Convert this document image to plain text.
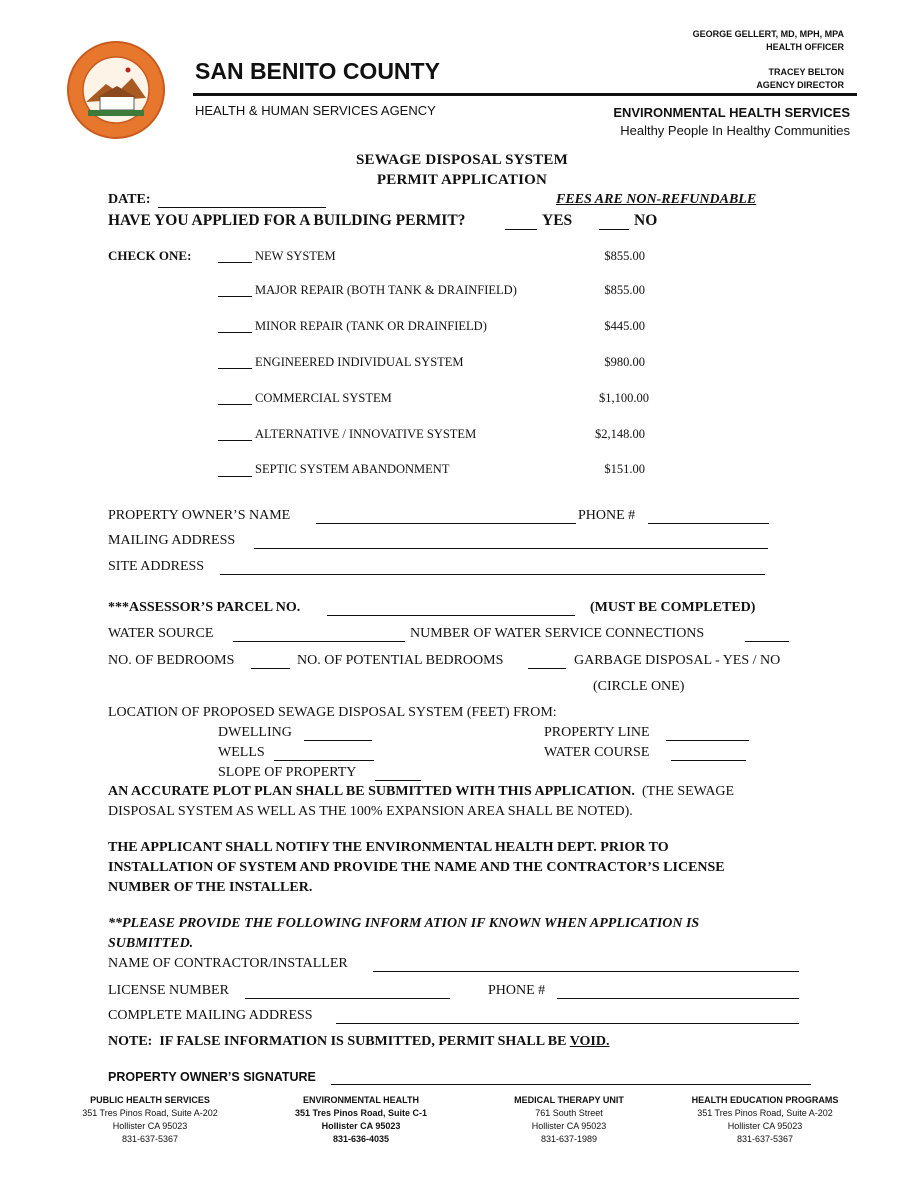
GEORGE GELLERT, MD, MPH, MPA
HEALTH OFFICER
TRACEY BELTON
AGENCY DIRECTOR
SAN BENITO COUNTY
HEALTH & HUMAN SERVICES AGENCY	ENVIRONMENTAL HEALTH SERVICES
Healthy People In Healthy Communities
SEWAGE DISPOSAL SYSTEM
PERMIT APPLICATION
DATE:	FEES ARE NON-REFUNDABLE
HAVE YOU APPLIED FOR A BUILDING PERMIT?	YES	NO
CHECK ONE:	NEW SYSTEM	$855.00
MAJOR REPAIR (BOTH TANK & DRAINFIELD)	$855.00
MINOR REPAIR (TANK OR DRAINFIELD)	$445.00
ENGINEERED INDIVIDUAL SYSTEM	$980.00
COMMERCIAL SYSTEM	$1,100.00
ALTERNATIVE / INNOVATIVE SYSTEM	$2,148.00
SEPTIC SYSTEM ABANDONMENT	$151.00
PROPERTY OWNER’S NAME	PHONE #
MAILING ADDRESS
SITE ADDRESS
***ASSESSOR’S PARCEL NO.	(MUST BE COMPLETED)
WATER SOURCE	NUMBER OF WATER SERVICE CONNECTIONS
NO. OF BEDROOMS	NO. OF POTENTIAL BEDROOMS	GARBAGE DISPOSAL - YES / NO
(CIRCLE ONE)
LOCATION OF PROPOSED SEWAGE DISPOSAL SYSTEM (FEET) FROM:
DWELLING	PROPERTY LINE
WELLS	WATER COURSE
SLOPE OF PROPERTY
AN ACCURATE PLOT PLAN SHALL BE SUBMITTED WITH THIS APPLICATION.  (THE SEWAGE
DISPOSAL SYSTEM AS WELL AS THE 100% EXPANSION AREA SHALL BE NOTED).
THE APPLICANT SHALL NOTIFY THE ENVIRONMENTAL HEALTH DEPT. PRIOR TO
INSTALLATION OF SYSTEM AND PROVIDE THE NAME AND THE CONTRACTOR’S LICENSE
NUMBER OF THE INSTALLER.
**PLEASE PROVIDE THE FOLLOWING INFORM ATION IF KNOWN WHEN APPLICATION IS
SUBMITTED.
NAME OF CONTRACTOR/INSTALLER
LICENSE NUMBER	PHONE #
COMPLETE MAILING ADDRESS
NOTE:  IF FALSE INFORMATION IS SUBMITTED, PERMIT SHALL BE VOID.
PROPERTY OWNER’S SIGNATURE
PUBLIC HEALTH SERVICES
351 Tres Pinos Road, Suite A-202
Hollister CA 95023
831-637-5367
ENVIRONMENTAL HEALTH
351 Tres Pinos Road, Suite C-1
Hollister CA 95023
831-636-4035
MEDICAL THERAPY UNIT
761 South Street
Hollister CA 95023
831-637-1989
HEALTH EDUCATION PROGRAMS
351 Tres Pinos Road, Suite A-202
Hollister CA 95023
831-637-5367
